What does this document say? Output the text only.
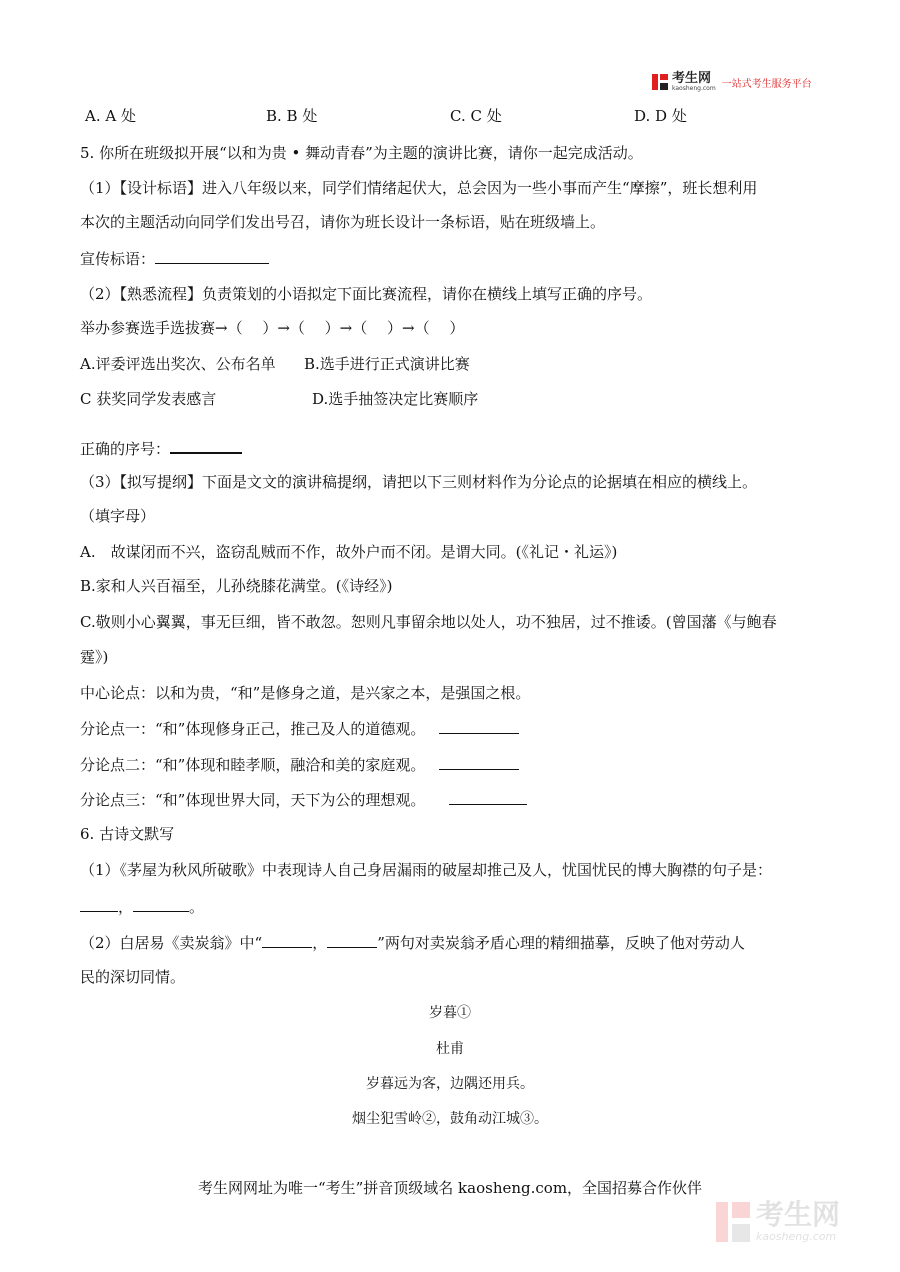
考生网
kaosheng.com 一站式考生服务平台
A. A 处	B. B 处	C. C 处	D. D 处
5. 你所在班级拟开展“以和为贵 • 舞动青春”为主题的演讲比赛，请你一起完成活动。
（1）【设计标语】进入八年级以来，同学们情绪起伏大，总会因为一些小事而产生“摩擦”，班长想利用
本次的主题活动向同学们发出号召，请你为班长设计一条标语，贴在班级墙上。
宣传标语：
（2）【熟悉流程】负责策划的小语拟定下面比赛流程，请你在横线上填写正确的序号。
举办参赛选手选拔赛→（　 ）→（　 ）→（　 ）→（　 ）
A.评委评选出奖次、公布名单 B.选手进行正式演讲比赛
C 获奖同学发表感言	D.选手抽签决定比赛顺序
正确的序号：
（3）【拟写提纲】下面是文文的演讲稿提纲，请把以下三则材料作为分论点的论据填在相应的横线上。
（填字母）
A.　故谋闭而不兴，盗窃乱贼而不作，故外户而不闭。是谓大同。(《礼记・礼运》)
B.家和人兴百福至，儿孙绕膝花满堂。(《诗经》)
C.敬则小心翼翼，事无巨细，皆不敢忽。恕则凡事留余地以处人，功不独居，过不推诿。(曾国藩《与鲍春
霆》)
中心论点：以和为贵，“和”是修身之道，是兴家之本，是强国之根。
分论点一：“和”体现修身正己，推己及人的道德观。
分论点二：“和”体现和睦孝顺，融洽和美的家庭观。
分论点三：“和”体现世界大同，天下为公的理想观。
6. 古诗文默写
（1）《茅屋为秋风所破歌》中表现诗人自己身居漏雨的破屋却推己及人，忧国忧民的博大胸襟的句子是：
，	。
（2）白居易《卖炭翁》中“	，	”两句对卖炭翁矛盾心理的精细描摹，反映了他对劳动人
民的深切同情。
岁暮①
杜甫
岁暮远为客，边隅还用兵。
烟尘犯雪岭②，鼓角动江城③。
考生网网址为唯一“考生”拼音顶级域名 kaosheng.com，全国招募合作伙伴
考生网
kaosheng.com
